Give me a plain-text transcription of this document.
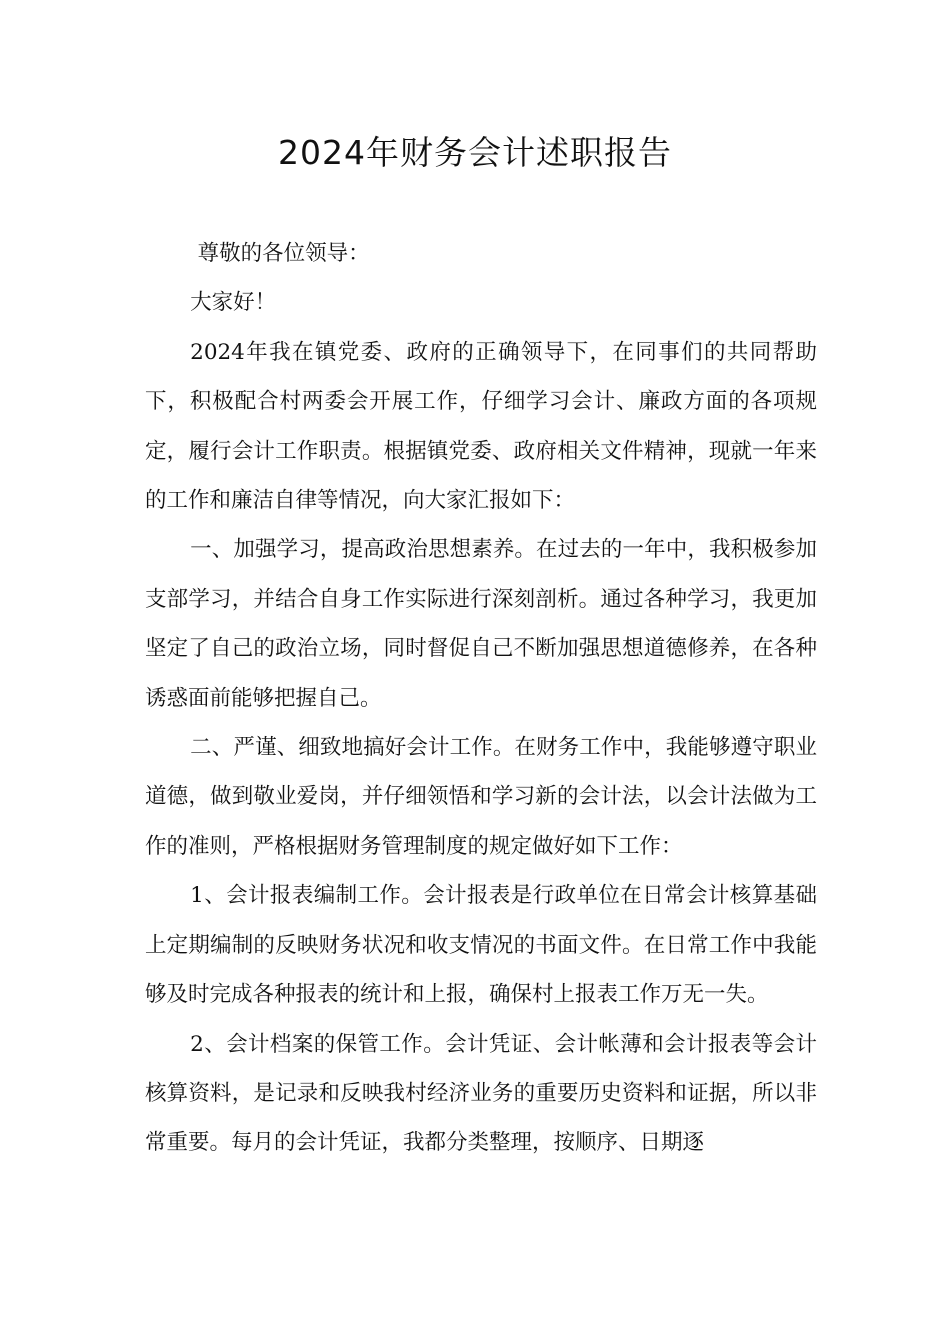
2024年财务会计述职报告

尊敬的各位领导：

大家好！

2024年我在镇党委、政府的正确领导下，在同事们的共同帮助下，积极配合村两委会开展工作，仔细学习会计、廉政方面的各项规定，履行会计工作职责。根据镇党委、政府相关文件精神，现就一年来的工作和廉洁自律等情况，向大家汇报如下：

一、加强学习，提高政治思想素养。在过去的一年中，我积极参加支部学习，并结合自身工作实际进行深刻剖析。通过各种学习，我更加坚定了自己的政治立场，同时督促自己不断加强思想道德修养，在各种诱惑面前能够把握自己。

二、严谨、细致地搞好会计工作。在财务工作中，我能够遵守职业道德，做到敬业爱岗，并仔细领悟和学习新的会计法，以会计法做为工作的准则，严格根据财务管理制度的规定做好如下工作：

1、会计报表编制工作。会计报表是行政单位在日常会计核算基础上定期编制的反映财务状况和收支情况的书面文件。在日常工作中我能够及时完成各种报表的统计和上报，确保村上报表工作万无一失。

2、会计档案的保管工作。会计凭证、会计帐薄和会计报表等会计核算资料，是记录和反映我村经济业务的重要历史资料和证据，所以非常重要。每月的会计凭证，我都分类整理，按顺序、日期逐
